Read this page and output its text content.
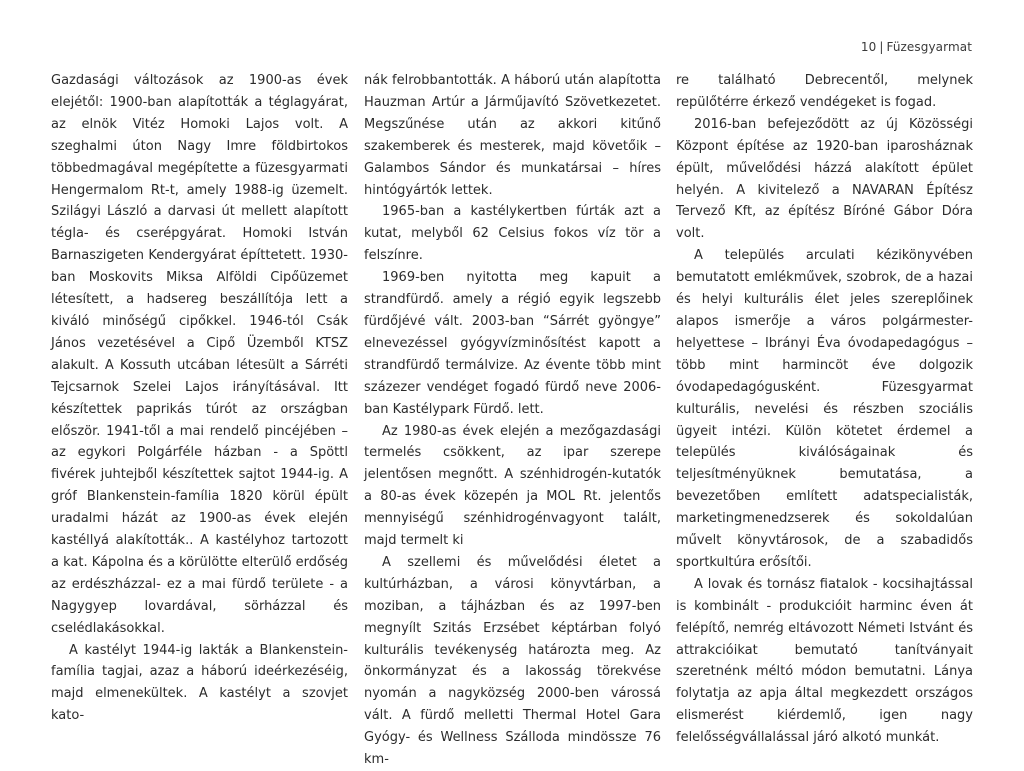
10 | Füzesgyarmat

Gazdasági változások az 1900-as évek elejétől: 1900-ban alapították a téglagyárat, az elnök Vitéz Homoki Lajos volt. A szeghalmi úton Nagy Imre földbirtokos többedmagával megépítette a füzesgyarmati Hengermalom Rt-t, amely 1988-ig üzemelt. Szilágyi László a darvasi út mellett alapított tégla- és cserépgyárat. Homoki István Barnaszigeten Kendergyárat építtetett. 1930-ban Moskovits Miksa Alföldi Cipőüzemet létesített, a hadsereg beszállítója lett a kiváló minőségű cipőkkel. 1946-tól Csák János vezetésével a Cipő Üzemből KTSZ alakult. A Kossuth utcában létesült a Sárréti Tejcsarnok Szelei Lajos irányításával. Itt készítettek paprikás túrót az országban először. 1941-től a mai rendelő pincéjében – az egykori Polgárféle házban - a Spöttl fivérek juhtejből készítettek sajtot 1944-ig. A gróf Blankenstein-família 1820 körül épült uradalmi házát az 1900-as évek elején kastéllyá alakították.. A kastélyhoz tartozott a kat. Kápolna és a körülötte elterülő erdőség az erdészházzal- ez a mai fürdő területe - a Nagygyep lovardával, sörházzal és cselédlakásokkal.

A kastélyt 1944-ig lakták a Blankenstein-família tagjai, azaz a háború ideérkezéséig, majd elmenekültek. A kastélyt a szovjet kato-

nák felrobbantották. A háború után alapította Hauzman Artúr a Járműjavító Szövetkezetet. Megszűnése után az akkori kitűnő szakemberek és mesterek, majd követőik – Galambos Sándor és munkatársai – híres hintógyártók lettek.

1965-ban a kastélykertben fúrták azt a kutat, melyből 62 Celsius fokos víz tör a felszínre.

1969-ben nyitotta meg kapuit a strandfürdő. amely a régió egyik legszebb fürdőjévé vált. 2003-ban “Sárrét gyöngye” elnevezéssel gyógyvízminősítést kapott a strandfürdő termálvize. Az évente több mint százezer vendéget fogadó fürdő neve 2006-ban Kastélypark Fürdő. lett.

Az 1980-as évek elején a mezőgazdasági termelés csökkent, az ipar szerepe jelentősen megnőtt. A szénhidrogén-kutatók a 80-as évek közepén ja MOL Rt. jelentős mennyiségű szénhidrogénvagyont talált, majd termelt ki

A szellemi és művelődési életet a kultúrházban, a városi könyvtárban, a moziban, a tájházban és az 1997-ben megnyílt Szitás Erzsébet képtárban folyó kulturális tevékenység határozta meg. Az önkormányzat és a lakosság törekvése nyomán a nagyközség 2000-ben várossá vált. A fürdő melletti Thermal Hotel Gara Gyógy- és Wellness Szálloda mindössze 76 km-

re található Debrecentől, melynek repülőtérre érkező vendégeket is fogad.

2016-ban befejeződött az új Közösségi Központ építése az 1920-ban iparosháznak épült, művelődési házzá alakított épület helyén. A kivitelező a NAVARAN Építész Tervező Kft, az építész Bíróné Gábor Dóra volt.

A település arculati kézikönyvében bemutatott emlékművek, szobrok, de a hazai és helyi kulturális élet jeles szereplőinek alapos ismerője a város polgármester-helyettese – Ibrányi Éva óvodapedagógus – több mint harmincöt éve dolgozik óvodapedagógusként. Füzesgyarmat kulturális, nevelési és részben szociális ügyeit intézi. Külön kötetet érdemel a település kiválóságainak és teljesítményüknek bemutatása, a bevezetőben említett adatspecialisták, marketingmenedzserek és sokoldalúan művelt könyvtárosok, de a szabadidős sportkultúra erősítői.

A lovak és tornász fiatalok - kocsihajtással is kombinált - produkcióit harminc éven át felépítő, nemrég eltávozott Németi Istvánt és attrakcióikat bemutató tanítványait szeretnénk méltó módon bemutatni. Lánya folytatja az apja által megkezdett országos elismerést kiérdemlő, igen nagy felelősségvállalással járó alkotó munkát.
